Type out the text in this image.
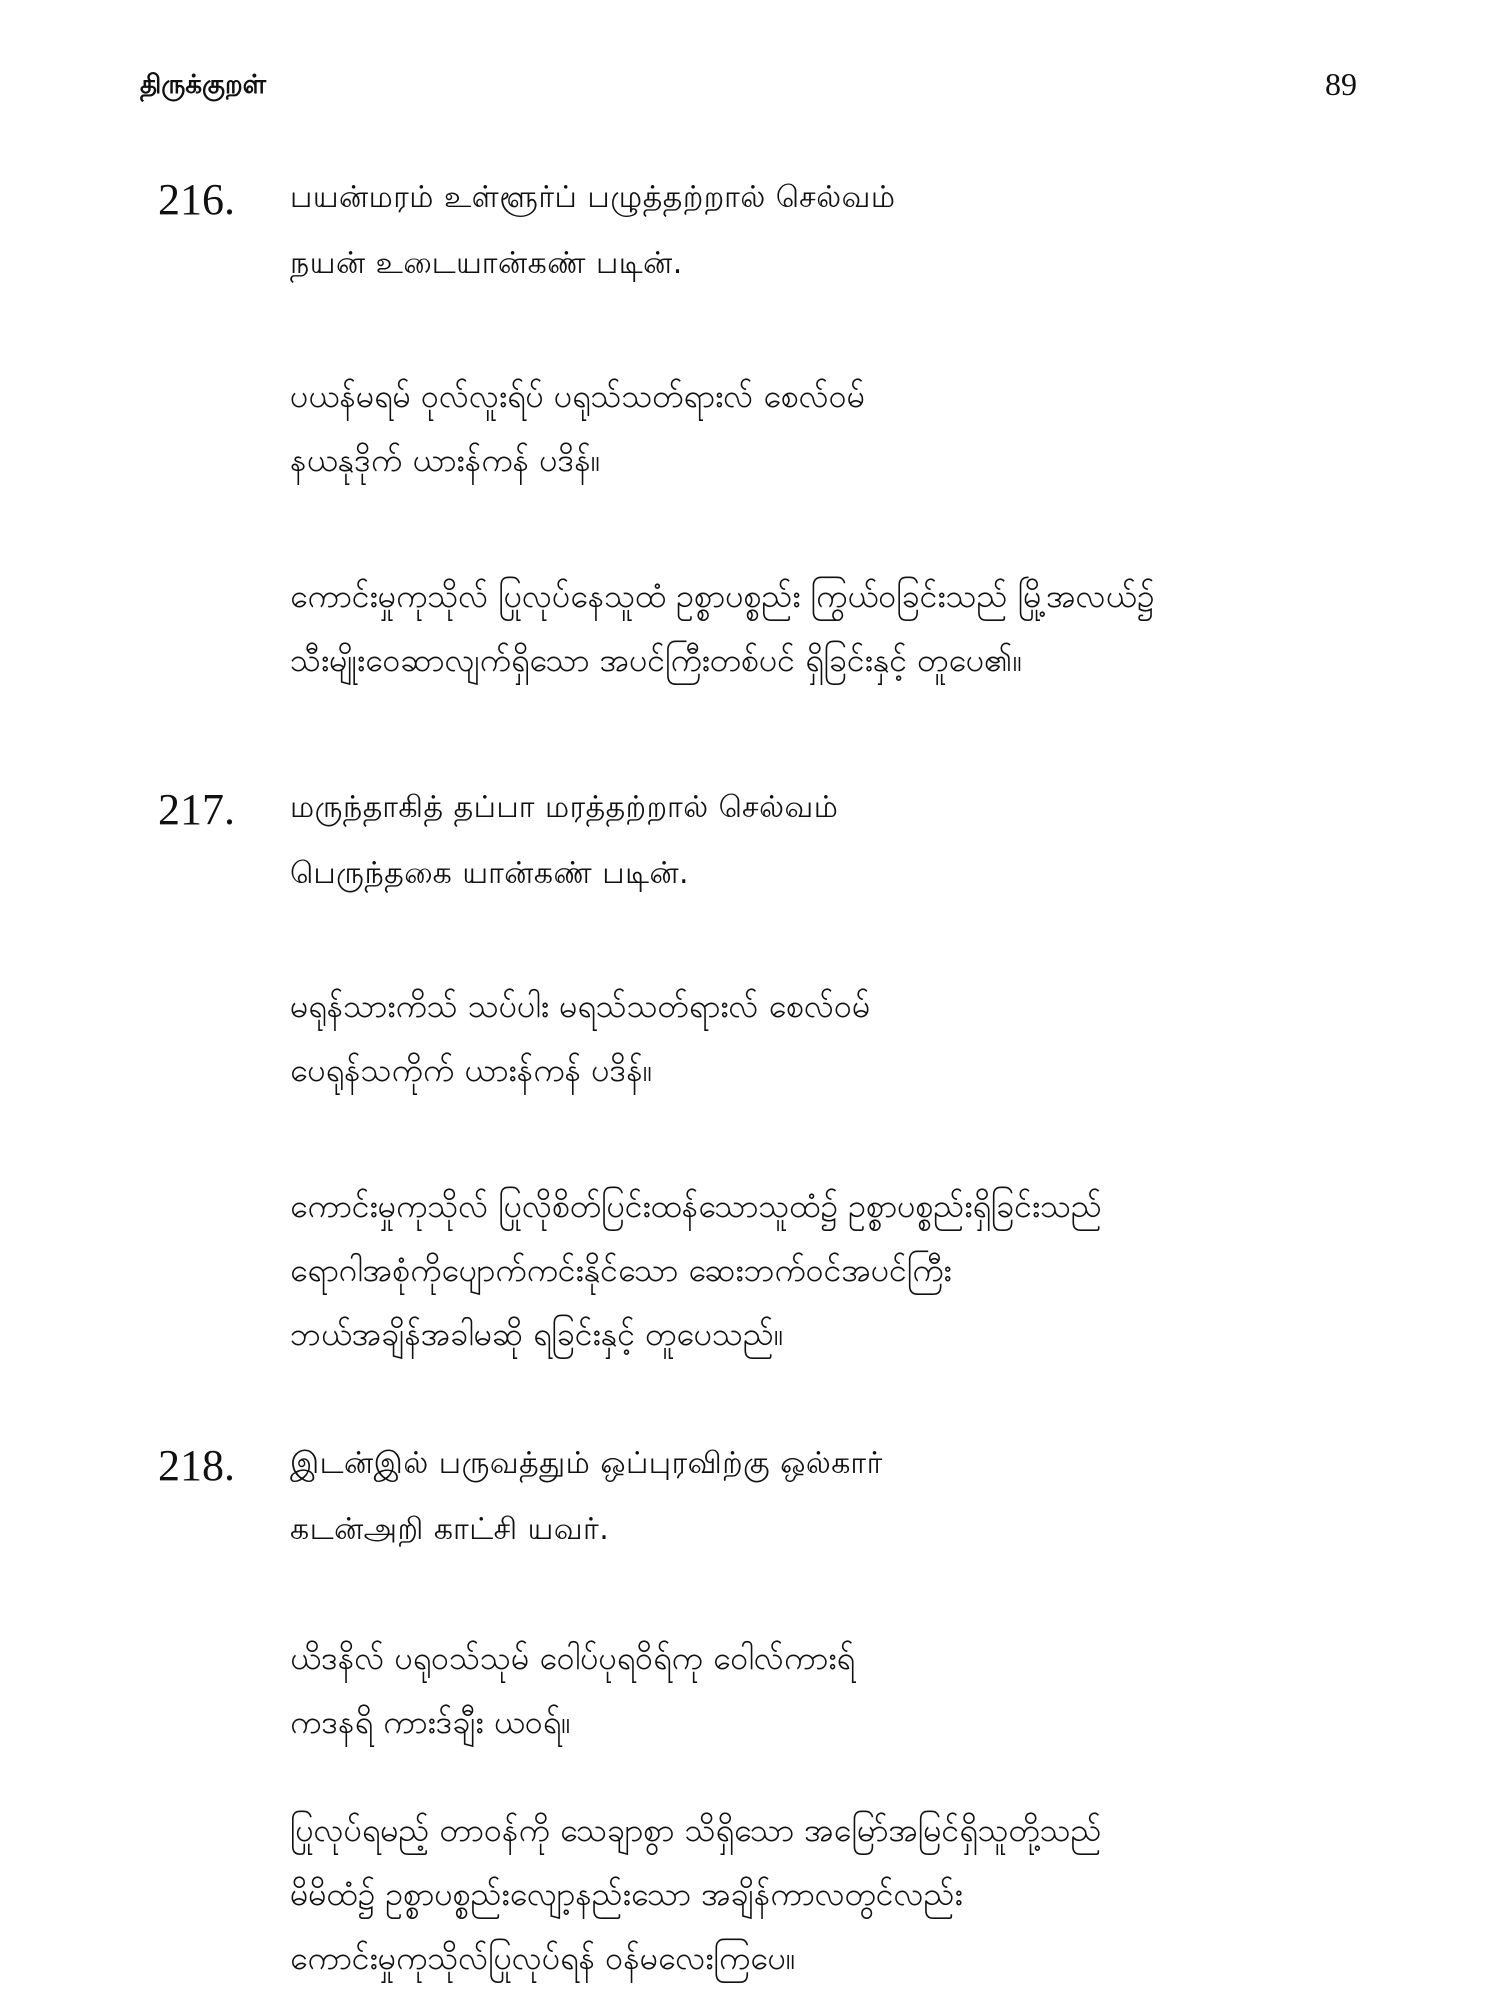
திருக்குறள்	89
216. பயன்மரம் உள்ளூர்ப் பழுத்தற்றால் செல்வம்
நயன் உடையான்கண் படின்.
ပယန်မရမ် ဝုလ်လူးရ်ပ် ပရုသ်သတ်ရားလ် စေလ်ဝမ်
နယနုဒိုက် ယားန်ကန် ပဒိန်။
ကောင်းမှုကုသိုလ် ပြုလုပ်နေသူထံ ဥစ္စာပစ္စည်း ကြွယ်ဝခြင်းသည် မြို့အလယ်၌
သီးမျိုးဝေဆာလျက်ရှိသော အပင်ကြီးတစ်ပင် ရှိခြင်းနှင့် တူပေ၏။
217. மருந்தாகித் தப்பா மரத்தற்றால் செல்வம்
பெருந்தகை யான்கண் படின்.
မရုန်သားကိသ် သပ်ပါး မရသ်သတ်ရားလ် စေလ်ဝမ်
ပေရုန်သကိုက် ယားန်ကန် ပဒိန်။
ကောင်းမှုကုသိုလ် ပြုလိုစိတ်ပြင်းထန်သောသူထံ၌ ဥစ္စာပစ္စည်းရှိခြင်းသည်
ရောဂါအစုံကိုပျောက်ကင်းနိုင်သော ဆေးဘက်ဝင်အပင်ကြီး
ဘယ်အချိန်အခါမဆို ရခြင်းနှင့် တူပေသည်။
218. இடன்இல் பருவத்தும் ஒப்புரவிற்கு ஒல்கார்
கடன்அறி காட்சி யவர்.
ယိဒနိလ် ပရုဝသ်သုမ် ဝေါပ်ပုရဝိရ်ကု ဝေါလ်ကားရ်
ကဒနရိ ကားဒ်ချီး ယဝရ်။
ပြုလုပ်ရမည့် တာဝန်ကို သေချာစွာ သိရှိသော အမြော်အမြင်ရှိသူတို့သည်
မိမိထံ၌ ဥစ္စာပစ္စည်းလျော့နည်းသော အချိန်ကာလတွင်လည်း
ကောင်းမှုကုသိုလ်ပြုလုပ်ရန် ဝန်မလေးကြပေ။
